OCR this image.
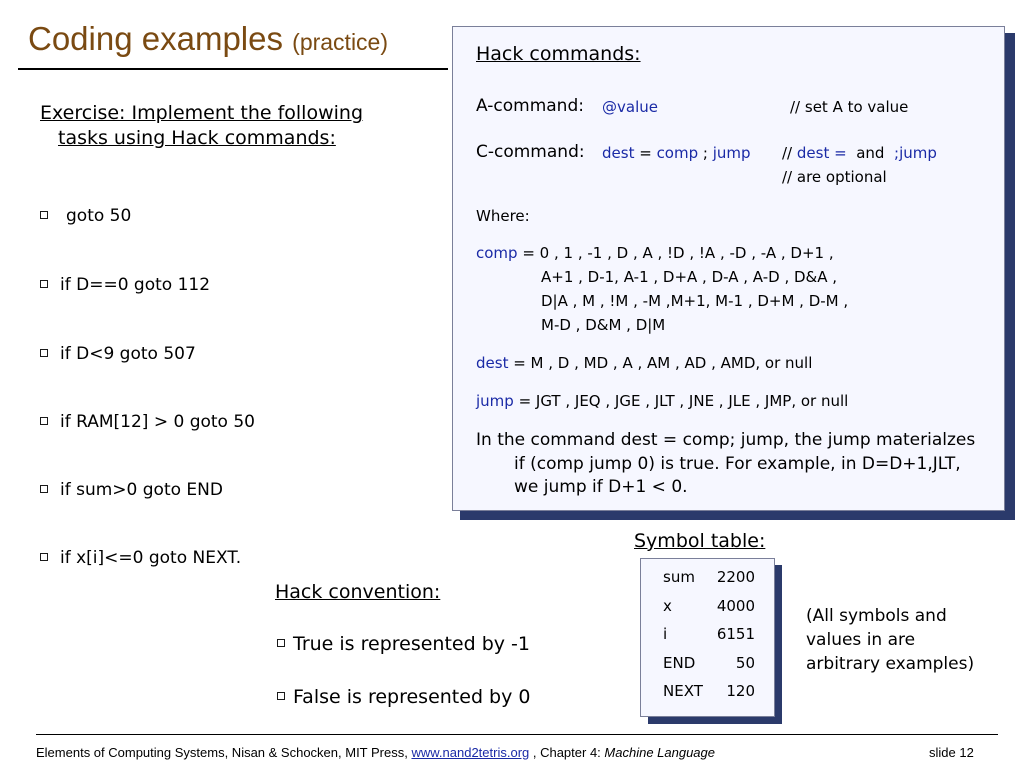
Coding examples (practice)
Exercise: Implement the following
tasks using Hack commands:
goto 50
if D==0 goto 112
if D<9 goto 507
if RAM[12] > 0 goto 50
if sum>0 goto END
if x[i]<=0 goto NEXT.
Hack commands:
A-command: @value	// set A to value
C-command: dest = comp ; jump // dest = and ;jump
// are optional
Where:
comp = 0 , 1 , -1 , D , A , !D , !A , -D , -A , D+1 ,
A+1 , D-1, A-1 , D+A , D-A , A-D , D&A ,
D|A , M , !M , -M ,M+1, M-1 , D+M , D-M ,
M-D , D&M , D|M
dest = M , D , MD , A , AM , AD , AMD, or null
jump = JGT , JEQ , JGE , JLT , JNE , JLE , JMP, or null
In the command dest = comp; jump, the jump materialzes
if (comp jump 0) is true. For example, in D=D+1,JLT,
we jump if D+1 < 0.
Symbol table:
sum 2200
x	4000
i	6151
END	50
NEXT	120
(All symbols and
values in are
arbitrary examples)
Hack convention:
True is represented by -1
False is represented by 0
Elements of Computing Systems, Nisan & Schocken, MIT Press, www.nand2tetris.org , Chapter 4: Machine Language	slide 12
